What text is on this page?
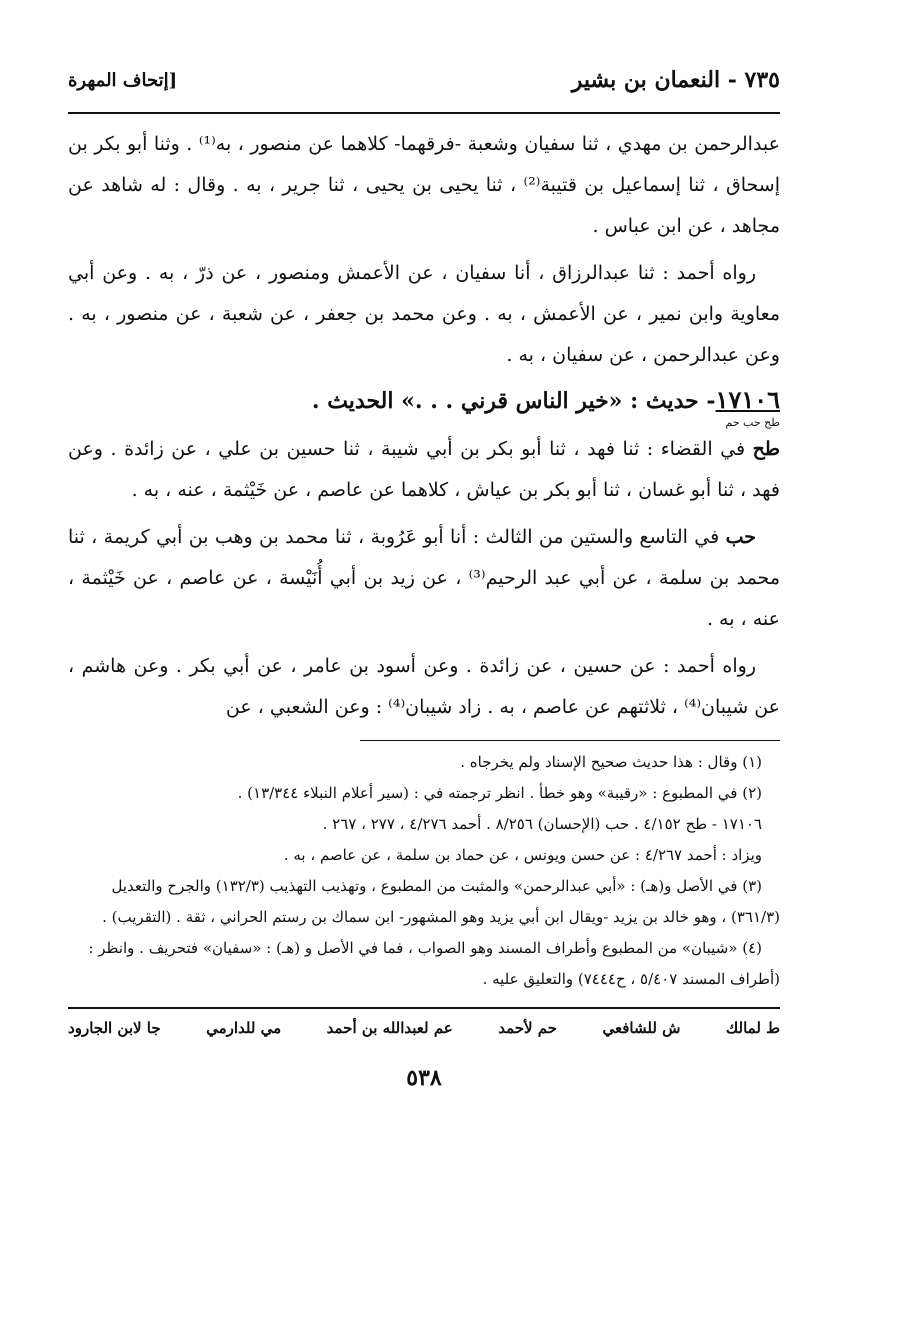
٧٣٥ - النعمان بن بشير
[إتحاف المهرة

عبدالرحمن بن مهدي ، ثنا سفيان وشعبة -فرقهما- كلاهما عن منصور ، به⁽¹⁾ . وثنا أبو بكر بن إسحاق ، ثنا إسماعيل بن قتيبة⁽²⁾ ، ثنا يحيى بن يحيى ، ثنا جرير ، به . وقال : له شاهد عن مجاهد ، عن ابن عباس .

رواه أحمد : ثنا عبدالرزاق ، أنا سفيان ، عن الأعمش ومنصور ، عن ذرّ ، به . وعن أبي معاوية وابن نمير ، عن الأعمش ، به . وعن محمد بن جعفر ، عن شعبة ، عن منصور ، به . وعن عبدالرحمن ، عن سفيان ، به .

١٧١٠٦- حديث : «خير الناس قرني . . .» الحديث .
طح حب حم

طح في القضاء : ثنا فهد ، ثنا أبو بكر بن أبي شيبة ، ثنا حسين بن علي ، عن زائدة . وعن فهد ، ثنا أبو غسان ، ثنا أبو بكر بن عياش ، كلاهما عن عاصم ، عن خَيْثمة ، عنه ، به .

حب في التاسع والستين من الثالث : أنا أبو عَرُوبة ، ثنا محمد بن وهب بن أبي كريمة ، ثنا محمد بن سلمة ، عن أبي عبد الرحيم⁽³⁾ ، عن زيد بن أبي أُنَيْسة ، عن عاصم ، عن خَيْثمة ، عنه ، به .

رواه أحمد : عن حسين ، عن زائدة . وعن أسود بن عامر ، عن أبي بكر . وعن هاشم ، عن شيبان⁽⁴⁾ ، ثلاثتهم عن عاصم ، به . زاد شيبان⁽⁴⁾ : وعن الشعبي ، عن

(١) وقال : هذا حديث صحيح الإسناد ولم يخرجاه .

(٢) في المطبوع : «رقيبة» وهو خطأ . انظر ترجمته في : (سير أعلام النبلاء ١٣/٣٤٤) .

١٧١٠٦ - طح ٤/١٥٢ . حب (الإحسان) ٨/٢٥٦ . أحمد ٤/٢٧٦ ، ٢٧٧ ، ٢٦٧ .

ويزاد : أحمد ٤/٢٦٧ : عن حسن ويونس ، عن حماد بن سلمة ، عن عاصم ، به .

(٣) في الأصل و(هـ) : «أبي عبدالرحمن» والمثبت من المطبوع ، وتهذيب التهذيب (١٣٢/٣) والجرح والتعديل (٣٦١/٣) ، وهو خالد بن يزيد -ويقال ابن أبي يزيد وهو المشهور- ابن سماك بن رستم الحراني ، ثقة . (التقريب) .

(٤) «شيبان» من المطبوع وأطراف المسند وهو الصواب ، فما في الأصل و (هـ) : «سفيان» فتحريف . وانظر : (أطراف المسند ٥/٤٠٧ ، ح٧٤٤٤) والتعليق عليه .

ط لمالك
ش للشافعي
حم لأحمد
عم لعبدالله بن أحمد
مي للدارمي
جا لابن الجارود
٥٣٨
